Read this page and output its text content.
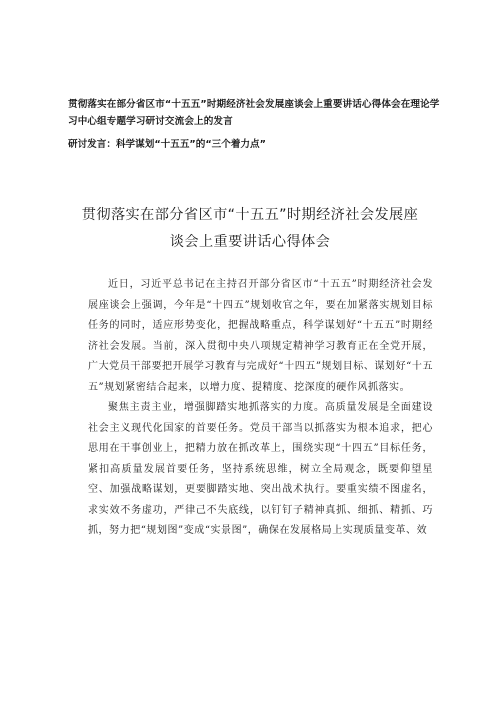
贯彻落实在部分省区市“十五五”时期经济社会发展座谈会上重要讲话心得体会在理论学习中心组专题学习研讨交流会上的发言

研讨发言：科学谋划“十五五”的“三个着力点”

贯彻落实在部分省区市“十五五”时期经济社会发展座
谈会上重要讲话心得体会

近日，习近平总书记在主持召开部分省区市“十五五”时期经济社会发展座谈会上强调，今年是“十四五”规划收官之年，要在加紧落实规划目标任务的同时，适应形势变化，把握战略重点，科学谋划好“十五五”时期经济社会发展。当前，深入贯彻中央八项规定精神学习教育正在全党开展，广大党员干部要把开展学习教育与完成好“十四五”规划目标、谋划好“十五五”规划紧密结合起来，以增力度、提精度、挖深度的硬作风抓落实。

聚焦主责主业，增强脚踏实地抓落实的力度。高质量发展是全面建设社会主义现代化国家的首要任务。党员干部当以抓落实为根本追求，把心思用在干事创业上，把精力放在抓改革上，围绕实现“十四五”目标任务，紧扣高质量发展首要任务，坚持系统思维，树立全局观念，既要仰望星空、加强战略谋划，更要脚踏实地、突出战术执行。要重实绩不图虚名，求实效不务虚功，严律己不失底线，以钉钉子精神真抓、细抓、精抓、巧抓，努力把“规划图”变成“实景图”，确保在发展格局上实现质量变革、效
